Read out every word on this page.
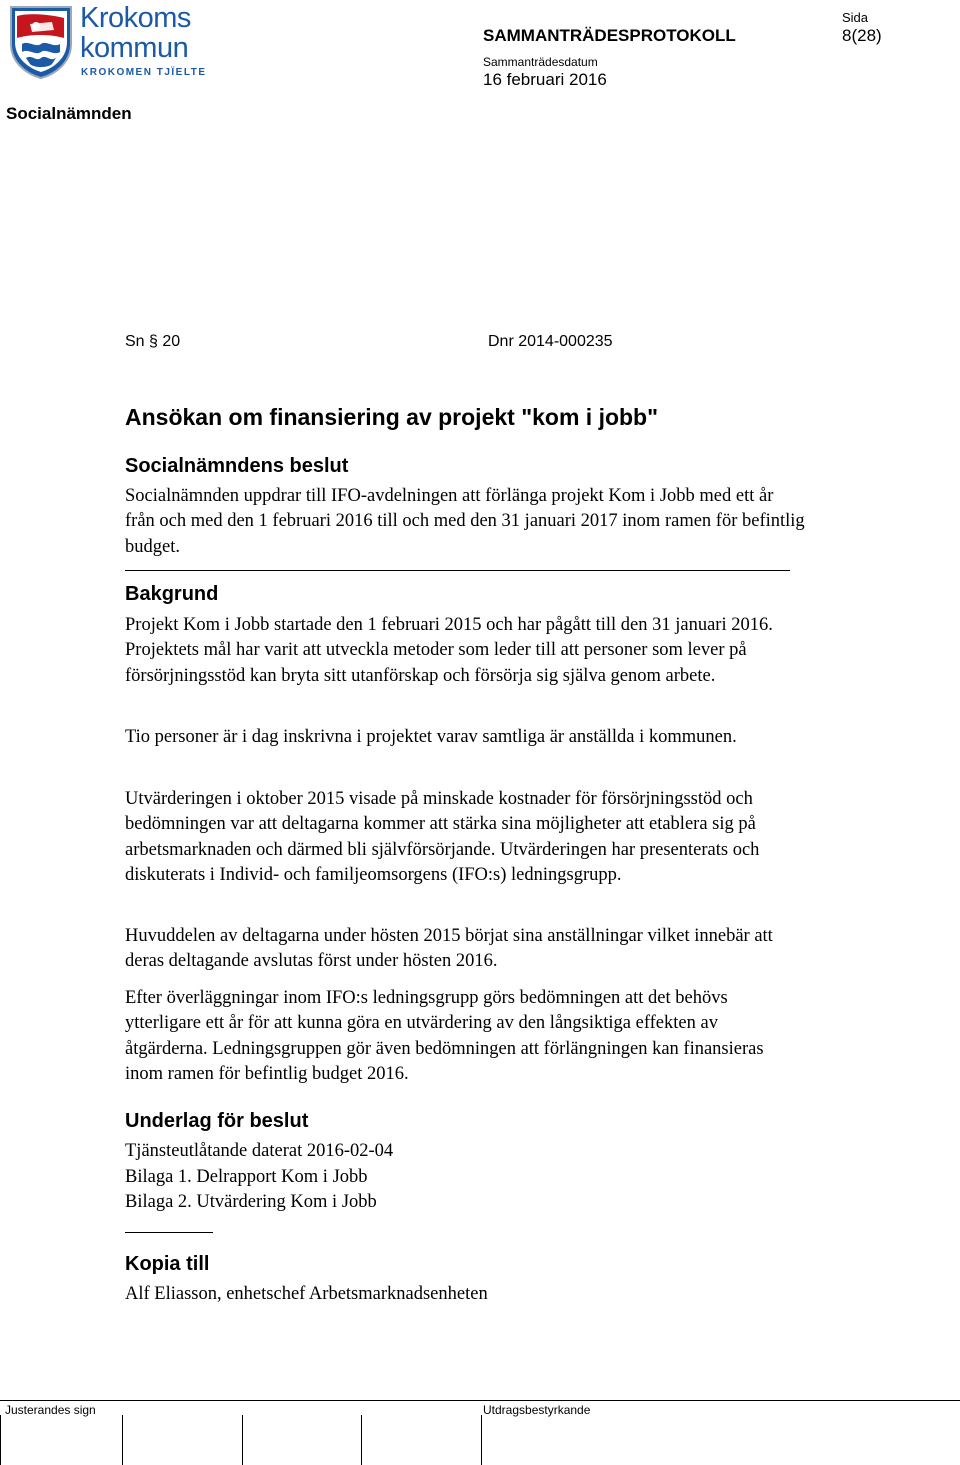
Krokoms
kommun
KROKOMEN TJÏELTE
SAMMANTRÄDESPROTOKOLL
Sida
8(28)
Sammanträdesdatum
16 februari 2016
Socialnämnden
Sn § 20	Dnr 2014-000235
Ansökan om finansiering av projekt "kom i jobb"
Socialnämndens beslut

Socialnämnden uppdrar till IFO-avdelningen att förlänga projekt Kom i Jobb med ett år från och med den 1 februari 2016 till och med den 31 januari 2017 inom ramen för befintlig budget.

Bakgrund

Projekt Kom i Jobb startade den 1 februari 2015 och har pågått till den 31 januari 2016. Projektets mål har varit att utveckla metoder som leder till att personer som lever på försörjningsstöd kan bryta sitt utanförskap och försörja sig själva genom arbete.

Tio personer är i dag inskrivna i projektet varav samtliga är anställda i kommunen.

Utvärderingen i oktober 2015 visade på minskade kostnader för försörjningsstöd och bedömningen var att deltagarna kommer att stärka sina möjligheter att etablera sig på arbetsmarknaden och därmed bli självförsörjande. Utvärderingen har presenterats och diskuterats i Individ- och familjeomsorgens (IFO:s) ledningsgrupp.

Huvuddelen av deltagarna under hösten 2015 börjat sina anställningar vilket innebär att deras deltagande avslutas först under hösten 2016.

Efter överläggningar inom IFO:s ledningsgrupp görs bedömningen att det behövs ytterligare ett år för att kunna göra en utvärdering av den långsiktiga effekten av åtgärderna. Ledningsgruppen gör även bedömningen att förlängningen kan finansieras inom ramen för befintlig budget 2016.

Underlag för beslut
Tjänsteutlåtande daterat 2016-02-04
Bilaga 1. Delrapport Kom i Jobb
Bilaga 2. Utvärdering Kom i Jobb
Kopia till
Alf Eliasson, enhetschef Arbetsmarknadsenheten
Justerandes sign	Utdragsbestyrkande
